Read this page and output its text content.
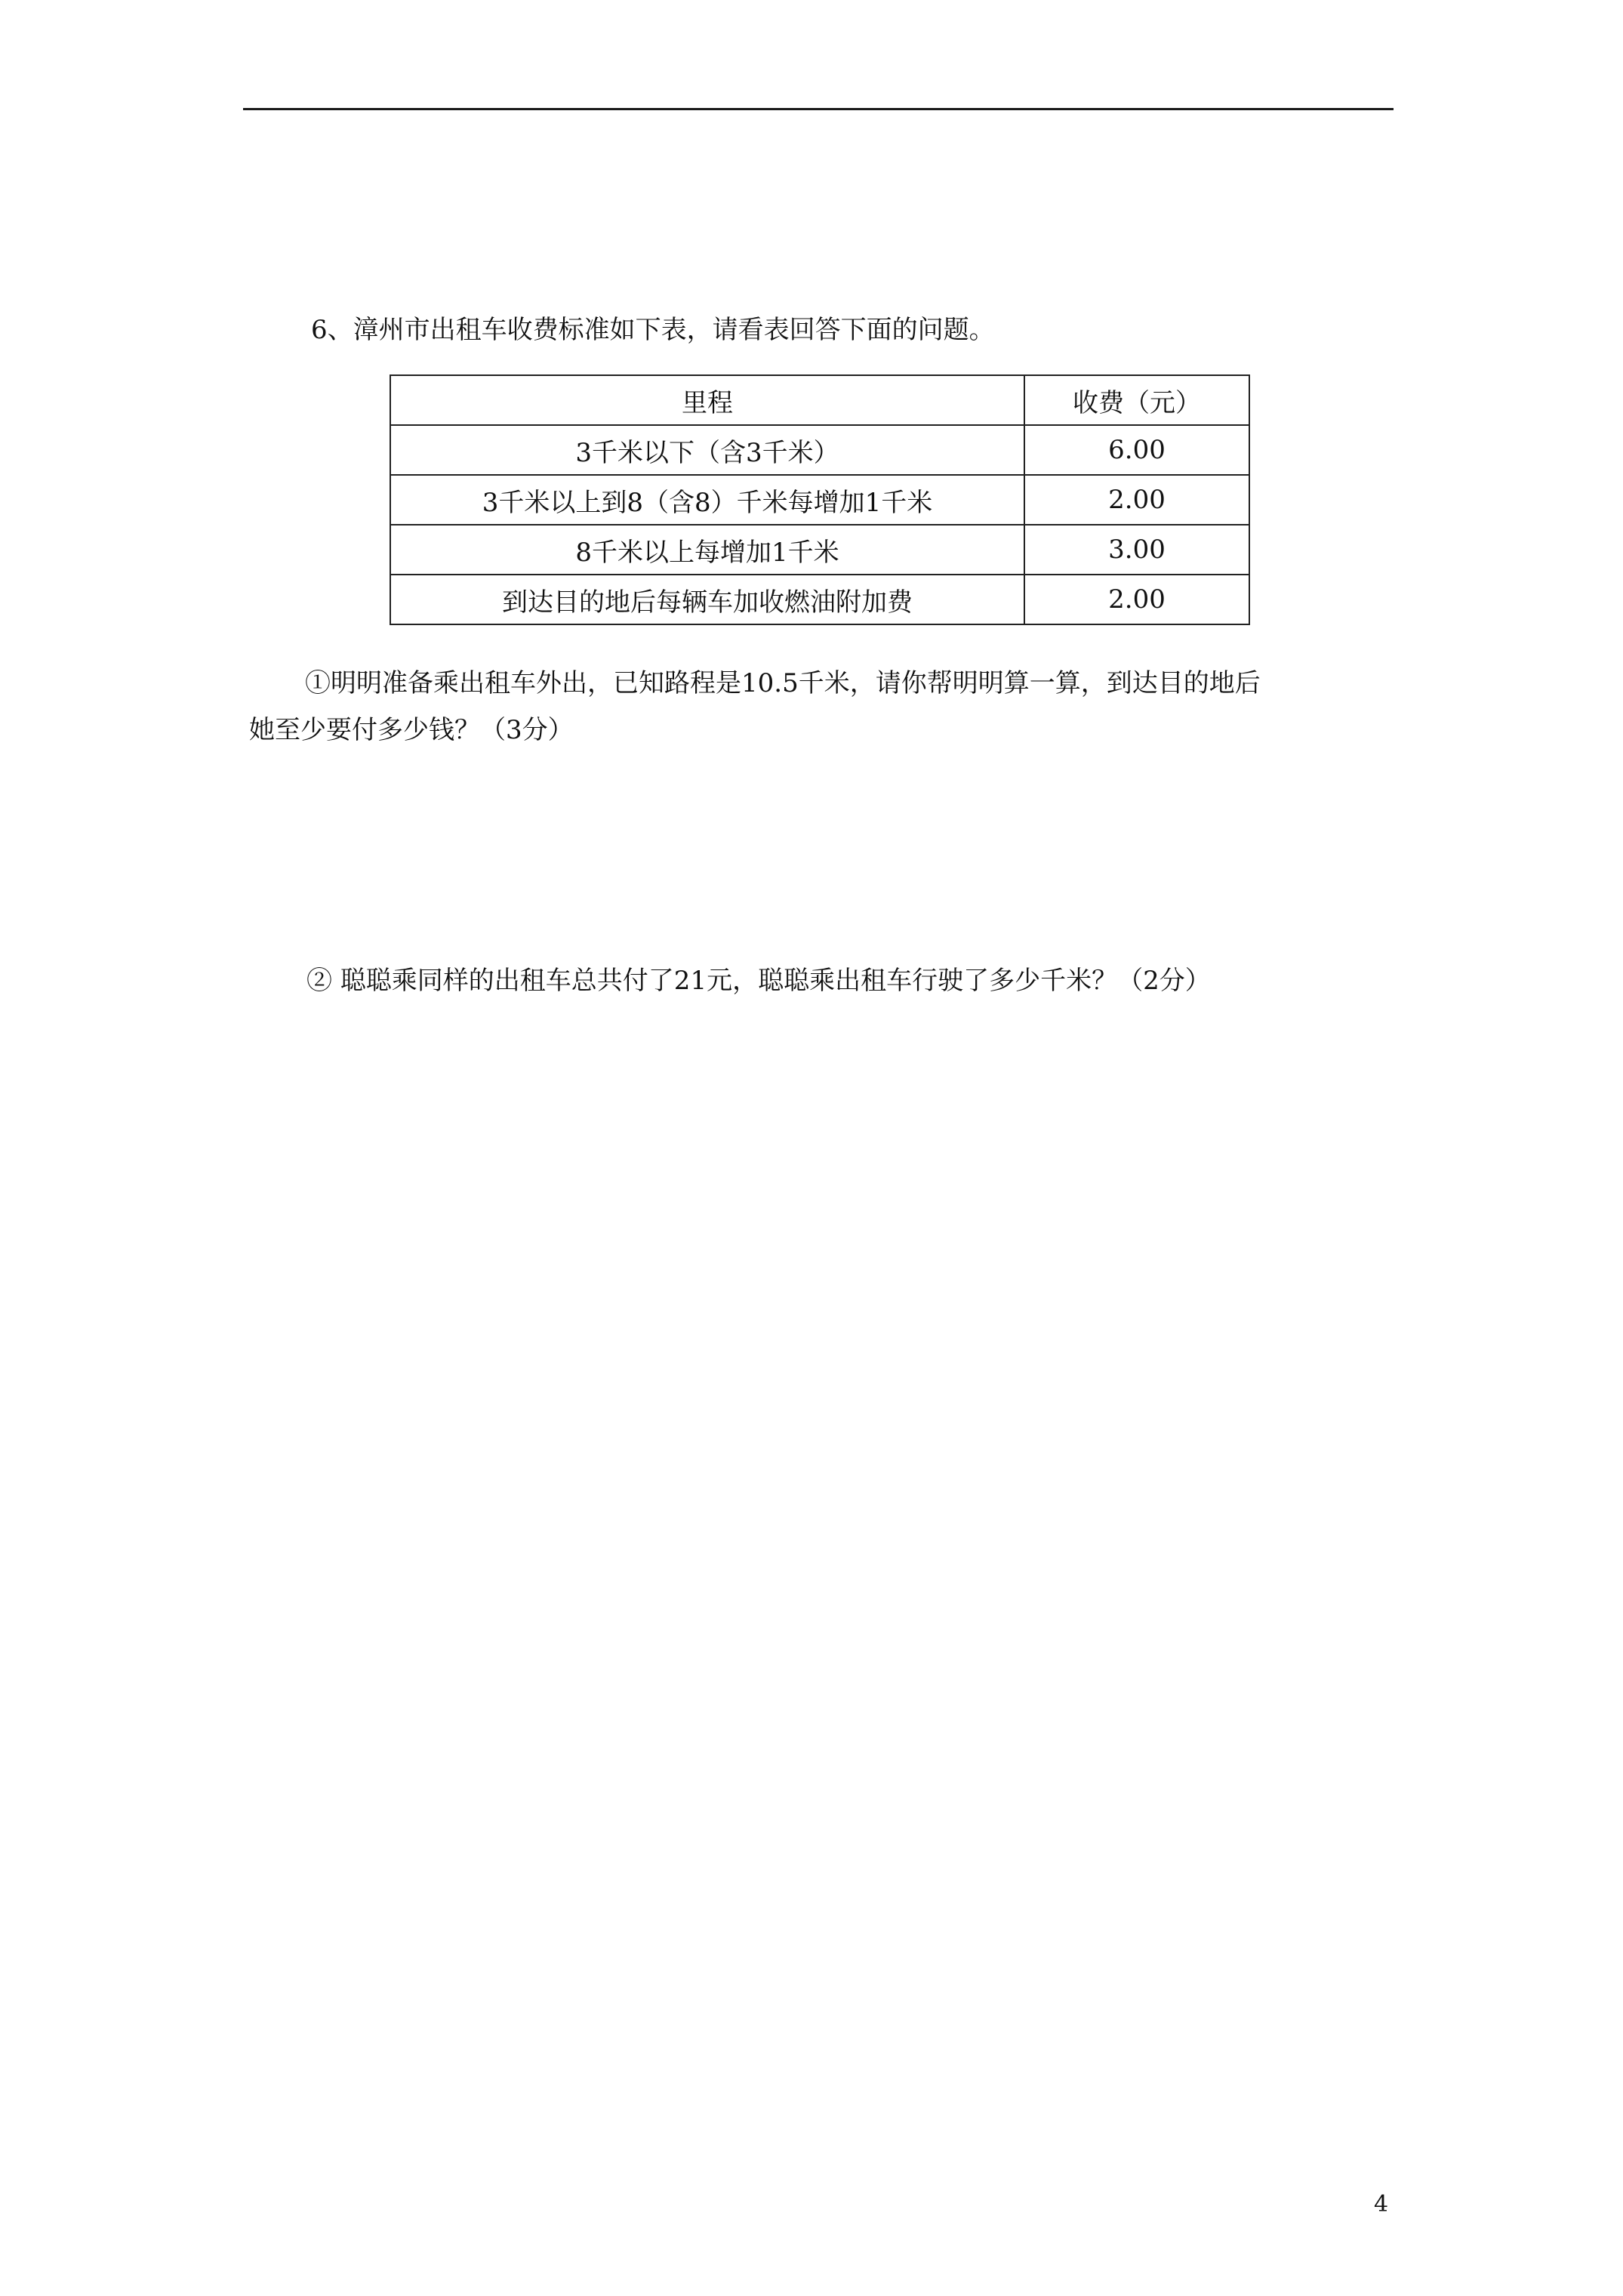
6、漳州市出租车收费标准如下表，请看表回答下面的问题。
里程	收费（元）
3千米以下（含3千米）	6.00
3千米以上到8（含8）千米每增加1千米	2.00
8千米以上每增加1千米	3.00
到达目的地后每辆车加收燃油附加费	2.00
①明明准备乘出租车外出，已知路程是10.5千米，请你帮明明算一算，到达目的地后
她至少要付多少钱？（3分）
② 聪聪乘同样的出租车总共付了21元，聪聪乘出租车行驶了多少千米？（2分）
4
